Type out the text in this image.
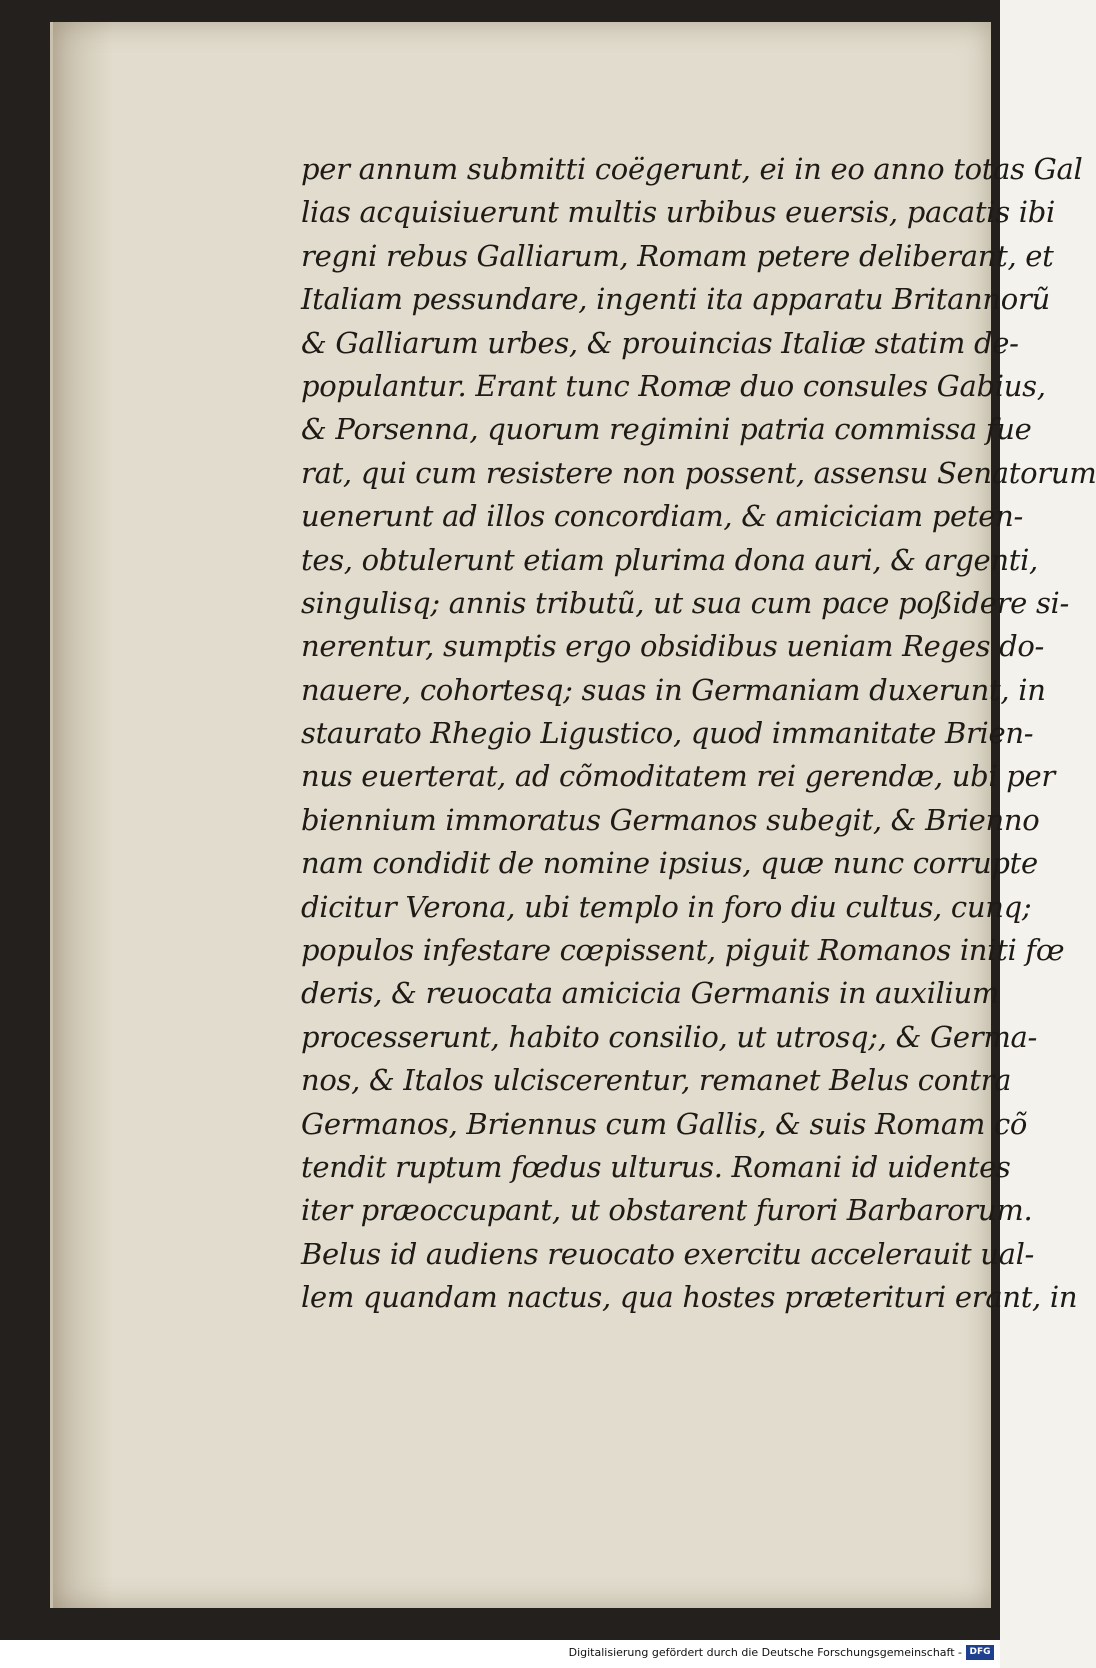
per annum submitti coëgerunt, ei in eo anno totas Gal
lias acquisiuerunt multis urbibus euersis, pacatis ibi
regni rebus Galliarum, Romam petere deliberant, et
Italiam pessundare, ingenti ita apparatu Britannorũ
& Galliarum urbes, & prouincias Italiæ statim de-
populantur. Erant tunc Romæ duo consules Gabius,
& Porsenna, quorum regimini patria commissa fue
rat, qui cum resistere non possent, assensu Senatorum
uenerunt ad illos concordiam, & amiciciam peten-
tes, obtulerunt etiam plurima dona auri, & argenti,
singulisq; annis tributũ, ut sua cum pace poßidere si-
nerentur, sumptis ergo obsidibus ueniam Reges do-
nauere, cohortesq; suas in Germaniam duxerunt, in
staurato Rhegio Ligustico, quod immanitate Brien-
nus euerterat, ad cõmoditatem rei gerendæ, ubi per
biennium immoratus Germanos subegit, & Brienno
nam condidit de nomine ipsius, quæ nunc corrupte
dicitur Verona, ubi templo in foro diu cultus, cunq;
populos infestare cœpissent, piguit Romanos initi fœ
deris, & reuocata amicicia Germanis in auxilium
processerunt, habito consilio, ut utrosq;, & Germa-
nos, & Italos ulciscerentur, remanet Belus contra
Germanos, Briennus cum Gallis, & suis Romam cõ
tendit ruptum fœdus ulturus. Romani id uidentes
iter præoccupant, ut obstarent furori Barbarorum.
Belus id audiens reuocato exercitu accelerauit ual-
lem quandam nactus, qua hostes præterituri erant, in
Digitalisierung gefördert durch die Deutsche Forschungsgemeinschaft - DFG
